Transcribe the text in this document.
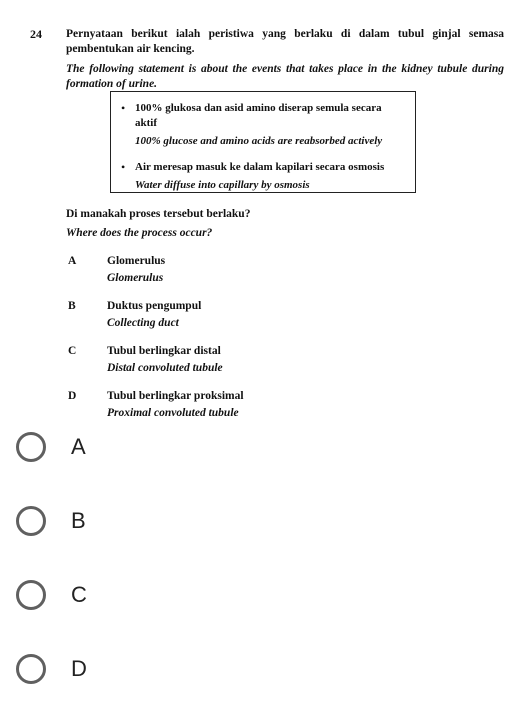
24 Pernyataan berikut ialah peristiwa yang berlaku di dalam tubul ginjal semasa pembentukan air kencing.

The following statement is about the events that takes place in the kidney tubule during formation of urine.

• 100% glukosa dan asid amino diserap semula secara aktif
100% glucose and amino acids are reabsorbed actively
• Air meresap masuk ke dalam kapilari secara osmosis
Water diffuse into capillary by osmosis
Di manakah proses tersebut berlaku?
Where does the process occur?
A	Glomerulus
Glomerulus
B	Duktus pengumpul
Collecting duct
C	Tubul berlingkar distal
Distal convoluted tubule
D	Tubul berlingkar proksimal
Proximal convoluted tubule
A
B
C
D
